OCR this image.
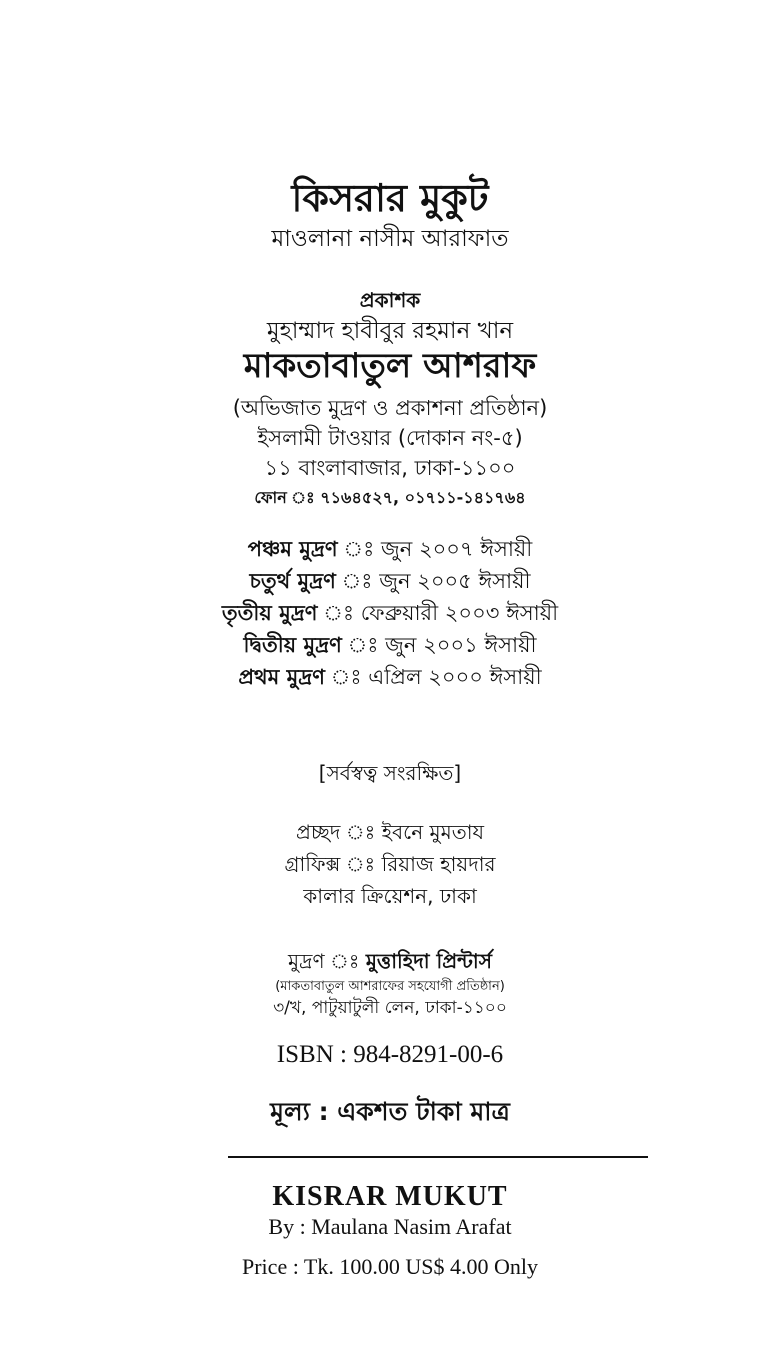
কিসরার মুকুট
মাওলানা নাসীম আরাফাত
প্রকাশক
মুহাম্মাদ হাবীবুর রহমান খান
মাকতাবাতুল আশরাফ
(অভিজাত মুদ্রণ ও প্রকাশনা প্রতিষ্ঠান)
ইসলামী টাওয়ার (দোকান নং-৫)
১১ বাংলাবাজার, ঢাকা-১১০০
ফোন ঃ ৭১৬৪৫২৭, ০১৭১১-১৪১৭৬৪
পঞ্চম মুদ্রণ ঃ জুন ২০০৭ ঈসায়ী
চতুর্থ মুদ্রণ ঃ জুন ২০০৫ ঈসায়ী
তৃতীয় মুদ্রণ ঃ ফেব্রুয়ারী ২০০৩ ঈসায়ী
দ্বিতীয় মুদ্রণ ঃ জুন ২০০১ ঈসায়ী
প্রথম মুদ্রণ ঃ এপ্রিল ২০০০ ঈসায়ী
[সর্বস্বত্ব সংরক্ষিত]
প্রচ্ছদ ঃ ইবনে মুমতায
গ্রাফিক্স ঃ রিয়াজ হায়দার
কালার ক্রিয়েশন, ঢাকা
মুদ্রণ ঃ মুত্তাহিদা প্রিন্টার্স
(মাকতাবাতুল আশরাফের সহযোগী প্রতিষ্ঠান)
৩/খ, পাটুয়াটুলী লেন, ঢাকা-১১০০
ISBN : 984-8291-00-6
মূল্য : একশত টাকা মাত্র
KISRAR MUKUT
By : Maulana Nasim Arafat
Price : Tk. 100.00 US$ 4.00 Only
